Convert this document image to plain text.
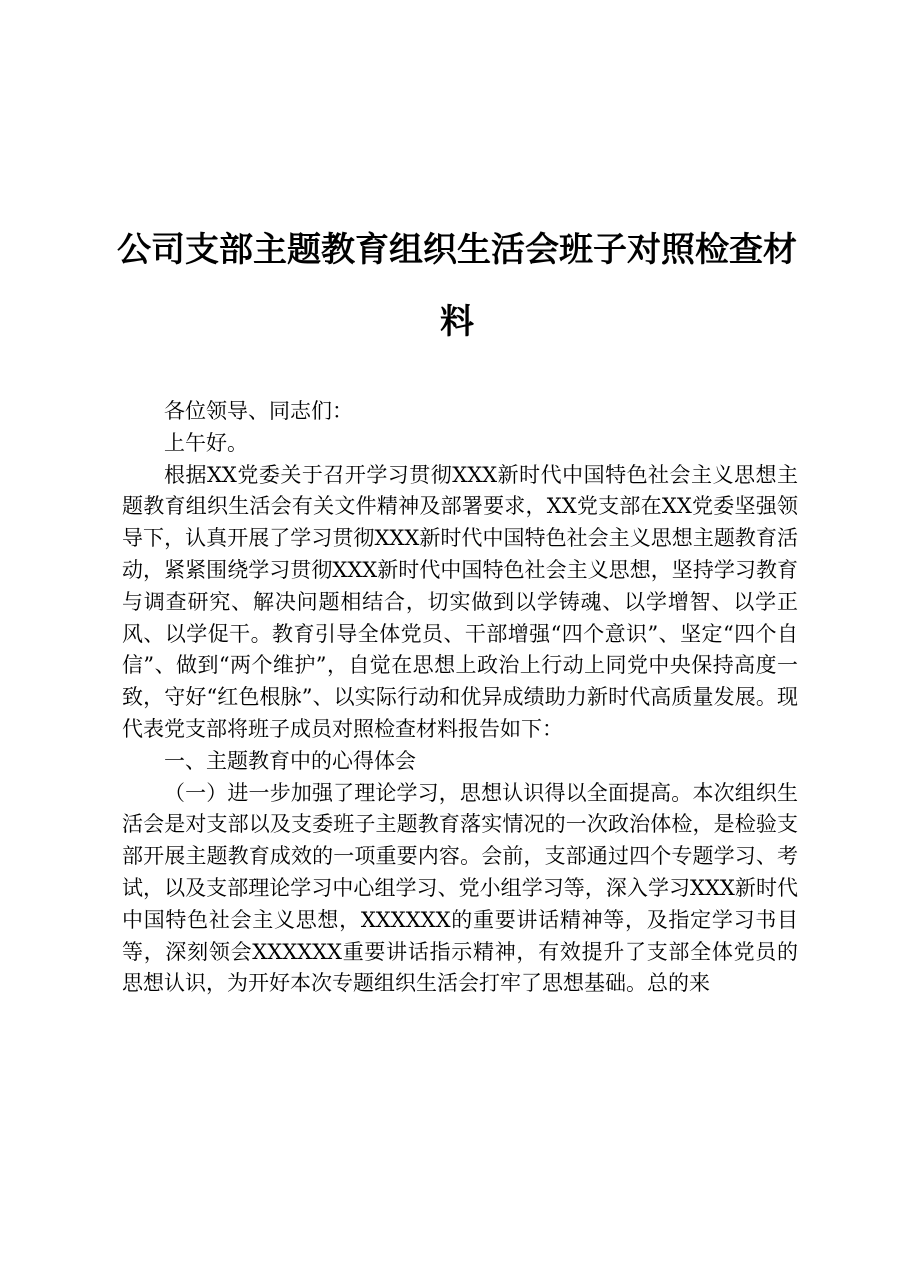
公司支部主题教育组织生活会班子对照检查材料

各位领导、同志们：

上午好。

根据XX党委关于召开学习贯彻XXX新时代中国特色社会主义思想主题教育组织生活会有关文件精神及部署要求，XX党支部在XX党委坚强领导下，认真开展了学习贯彻XXX新时代中国特色社会主义思想主题教育活动，紧紧围绕学习贯彻XXX新时代中国特色社会主义思想，坚持学习教育与调查研究、解决问题相结合，切实做到以学铸魂、以学增智、以学正风、以学促干。教育引导全体党员、干部增强“四个意识”、坚定“四个自信”、做到“两个维护”，自觉在思想上政治上行动上同党中央保持高度一致，守好“红色根脉”、以实际行动和优异成绩助力新时代高质量发展。现代表党支部将班子成员对照检查材料报告如下：

一、主题教育中的心得体会

（一）进一步加强了理论学习，思想认识得以全面提高。本次组织生活会是对支部以及支委班子主题教育落实情况的一次政治体检，是检验支部开展主题教育成效的一项重要内容。会前，支部通过四个专题学习、考试，以及支部理论学习中心组学习、党小组学习等，深入学习XXX新时代中国特色社会主义思想，XXXXXX的重要讲话精神等，及指定学习书目等，深刻领会XXXXXX重要讲话指示精神，有效提升了支部全体党员的思想认识，为开好本次专题组织生活会打牢了思想基础。总的来
